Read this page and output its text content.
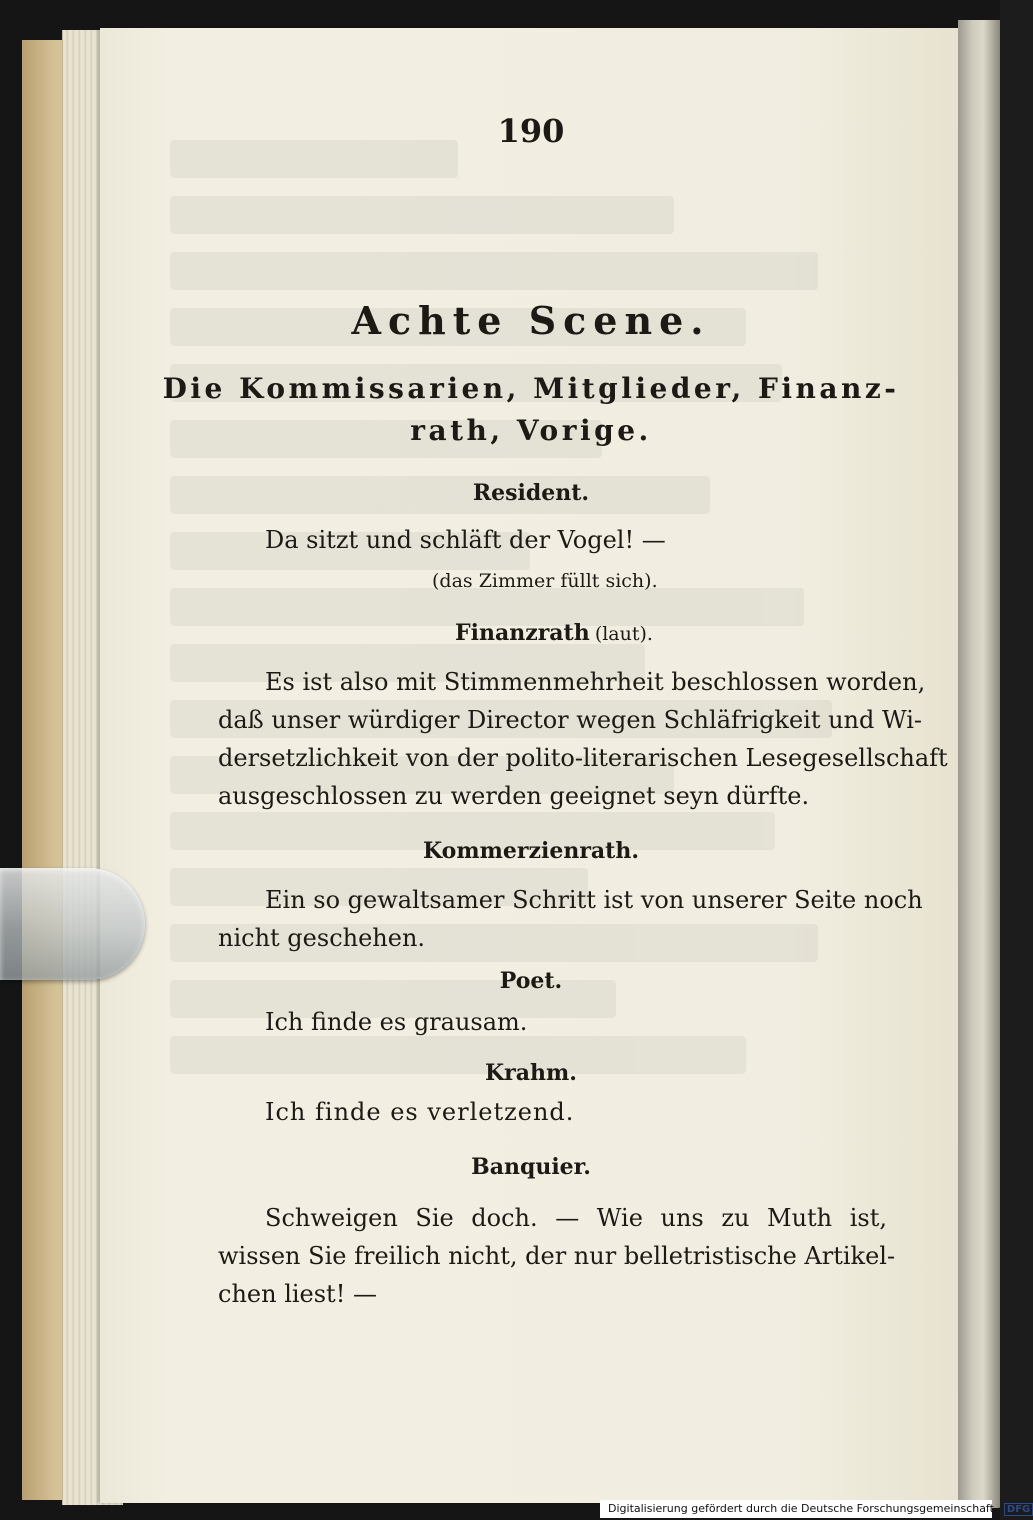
190
Achte Scene.
Die Kommissarien, Mitglieder, Finanz-
rath, Vorige.
Resident.
Da sitzt und schläft der Vogel! —
(das Zimmer füllt sich).
Finanzrath (laut).
Es ist also mit Stimmenmehrheit beschlossen worden,
daß unser würdiger Director wegen Schläfrigkeit und Wi-
dersetzlichkeit von der polito-literarischen Lesegesellschaft
ausgeschlossen zu werden geeignet seyn dürfte.
Kommerzienrath.
Ein so gewaltsamer Schritt ist von unserer Seite noch
nicht geschehen.
Poet.
Ich finde es grausam.
Krahm.
Ich finde es verletzend.
Banquier.
Schweigen Sie doch. — Wie uns zu Muth ist,
wissen Sie freilich nicht, der nur belletristische Artikel-
chen liest! —
Digitalisierung gefördert durch die Deutsche Forschungsgemeinschaft · DFG
